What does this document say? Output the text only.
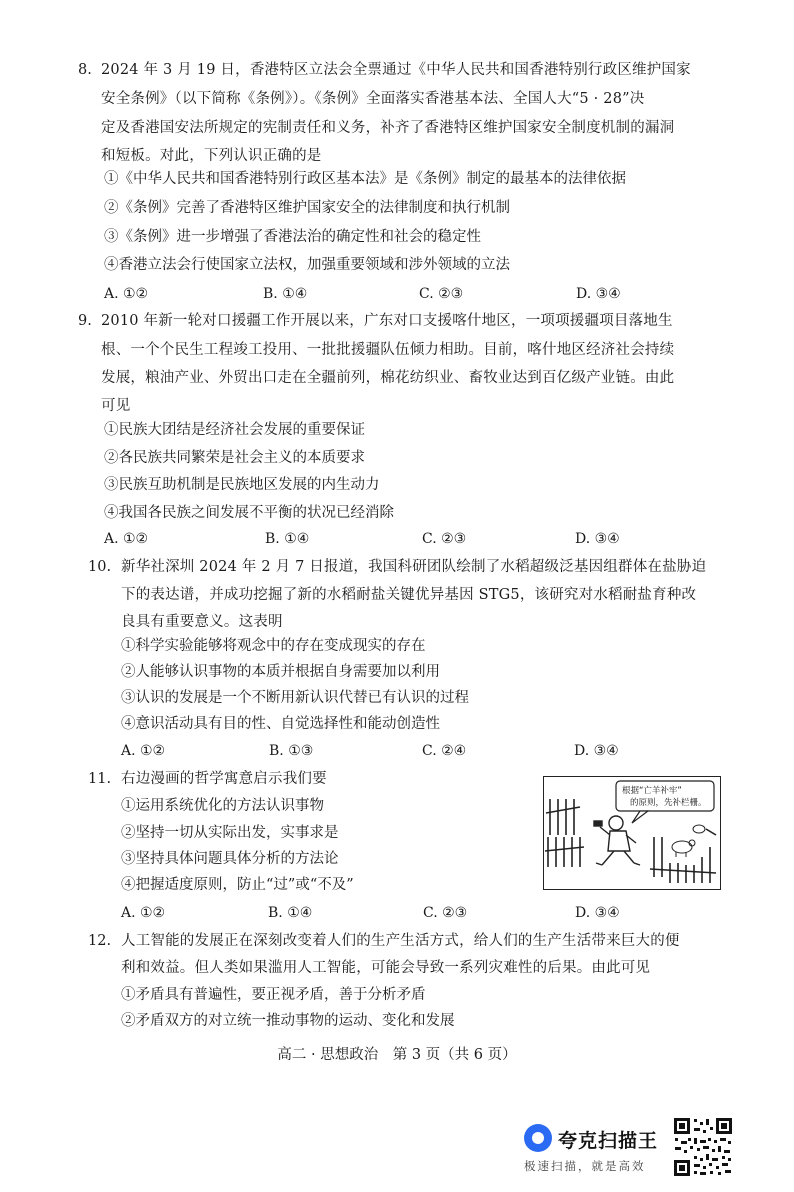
8. 2024 年 3 月 19 日，香港特区立法会全票通过《中华人民共和国香港特别行政区维护国家
安全条例》（以下简称《条例》）。《条例》全面落实香港基本法、全国人大“5 · 28”决
定及香港国安法所规定的宪制责任和义务，补齐了香港特区维护国家安全制度机制的漏洞
和短板。对此，下列认识正确的是
①《中华人民共和国香港特别行政区基本法》是《条例》制定的最基本的法律依据
②《条例》完善了香港特区维护国家安全的法律制度和执行机制
③《条例》进一步增强了香港法治的确定性和社会的稳定性
④香港立法会行使国家立法权，加强重要领域和涉外领域的立法
A. ①②	B. ①④	C. ②③	D. ③④
9. 2010 年新一轮对口援疆工作开展以来，广东对口支援喀什地区，一项项援疆项目落地生
根、一个个民生工程竣工投用、一批批援疆队伍倾力相助。目前，喀什地区经济社会持续
发展，粮油产业、外贸出口走在全疆前列，棉花纺织业、畜牧业达到百亿级产业链。由此
可见
①民族大团结是经济社会发展的重要保证
②各民族共同繁荣是社会主义的本质要求
③民族互助机制是民族地区发展的内生动力
④我国各民族之间发展不平衡的状况已经消除
A. ①②	B. ①④	C. ②③	D. ③④
10. 新华社深圳 2024 年 2 月 7 日报道，我国科研团队绘制了水稻超级泛基因组群体在盐胁迫
下的表达谱，并成功挖掘了新的水稻耐盐关键优异基因 STG5，该研究对水稻耐盐育种改
良具有重要意义。这表明
①科学实验能够将观念中的存在变成现实的存在
②人能够认识事物的本质并根据自身需要加以利用
③认识的发展是一个不断用新认识代替已有认识的过程
④意识活动具有目的性、自觉选择性和能动创造性
A. ①②	B. ①③	C. ②④	D. ③④
11. 右边漫画的哲学寓意启示我们要
①运用系统优化的方法认识事物
②坚持一切从实际出发，实事求是
③坚持具体问题具体分析的方法论
④把握适度原则，防止“过”或“不及”
A. ①②	B. ①④	C. ②③	D. ③④
根据“亡羊补牢”
的原则，先补栏栅。
12. 人工智能的发展正在深刻改变着人们的生产生活方式，给人们的生产生活带来巨大的便
利和效益。但人类如果滥用人工智能，可能会导致一系列灾难性的后果。由此可见
①矛盾具有普遍性，要正视矛盾，善于分析矛盾
②矛盾双方的对立统一推动事物的运动、变化和发展
高二 · 思想政治　第 3 页（共 6 页）
夸克扫描王
极速扫描，就是高效
